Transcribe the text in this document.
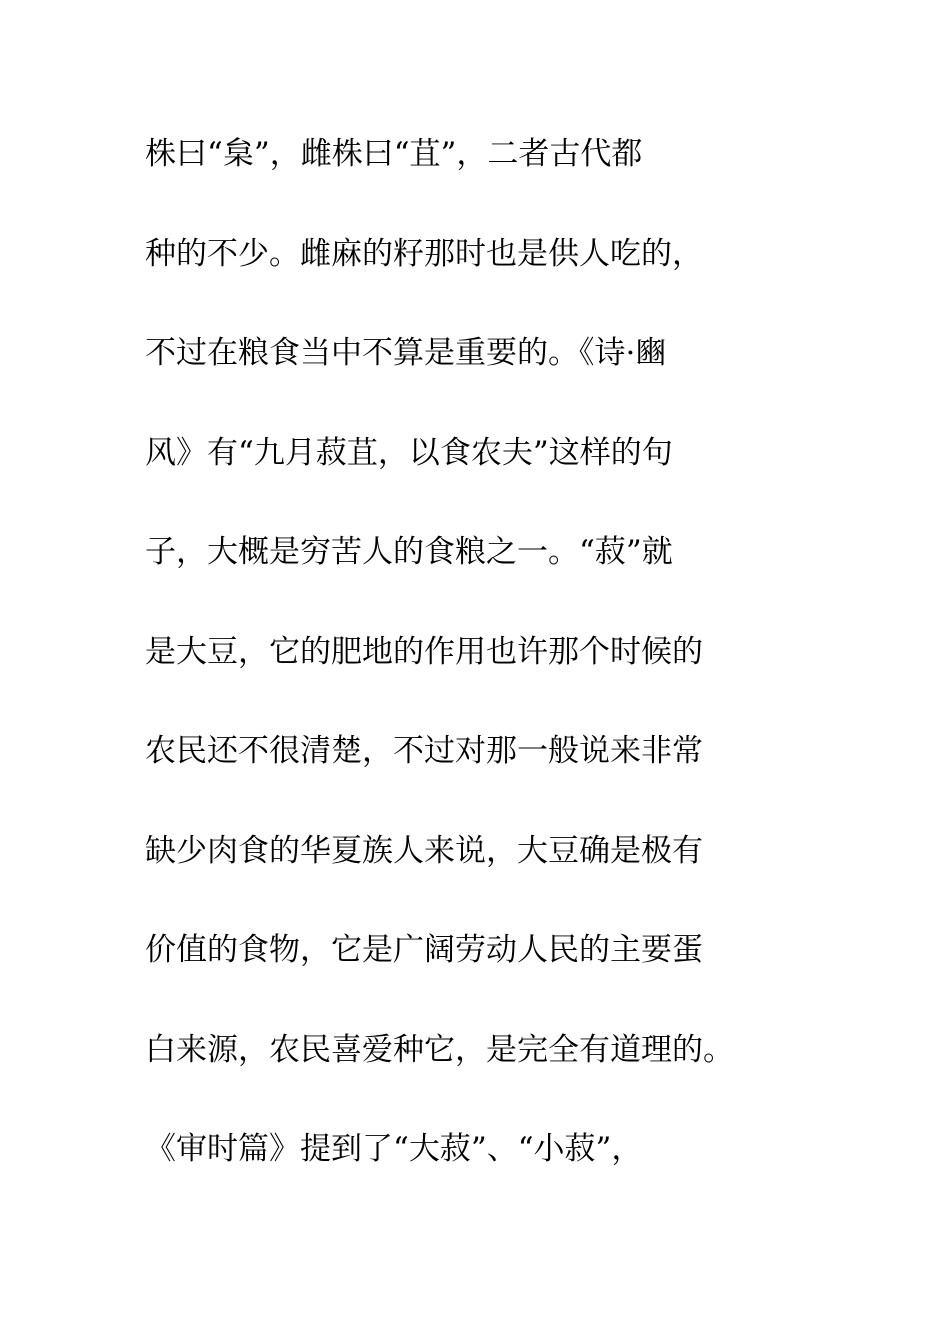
株曰“枲”，雌株曰“苴”，二者古代都
种的不少。雌麻的籽那时也是供人吃的，
不过在粮食当中不算是重要的。《诗·豳
风》有“九月菽苴，以食农夫”这样的句
子，大概是穷苦人的食粮之一。“菽”就
是大豆，它的肥地的作用也许那个时候的
农民还不很清楚，不过对那一般说来非常
缺少肉食的华夏族人来说，大豆确是极有
价值的食物，它是广阔劳动人民的主要蛋
白来源，农民喜爱种它，是完全有道理的。
《审时篇》提到了“大菽”、“小菽”，
